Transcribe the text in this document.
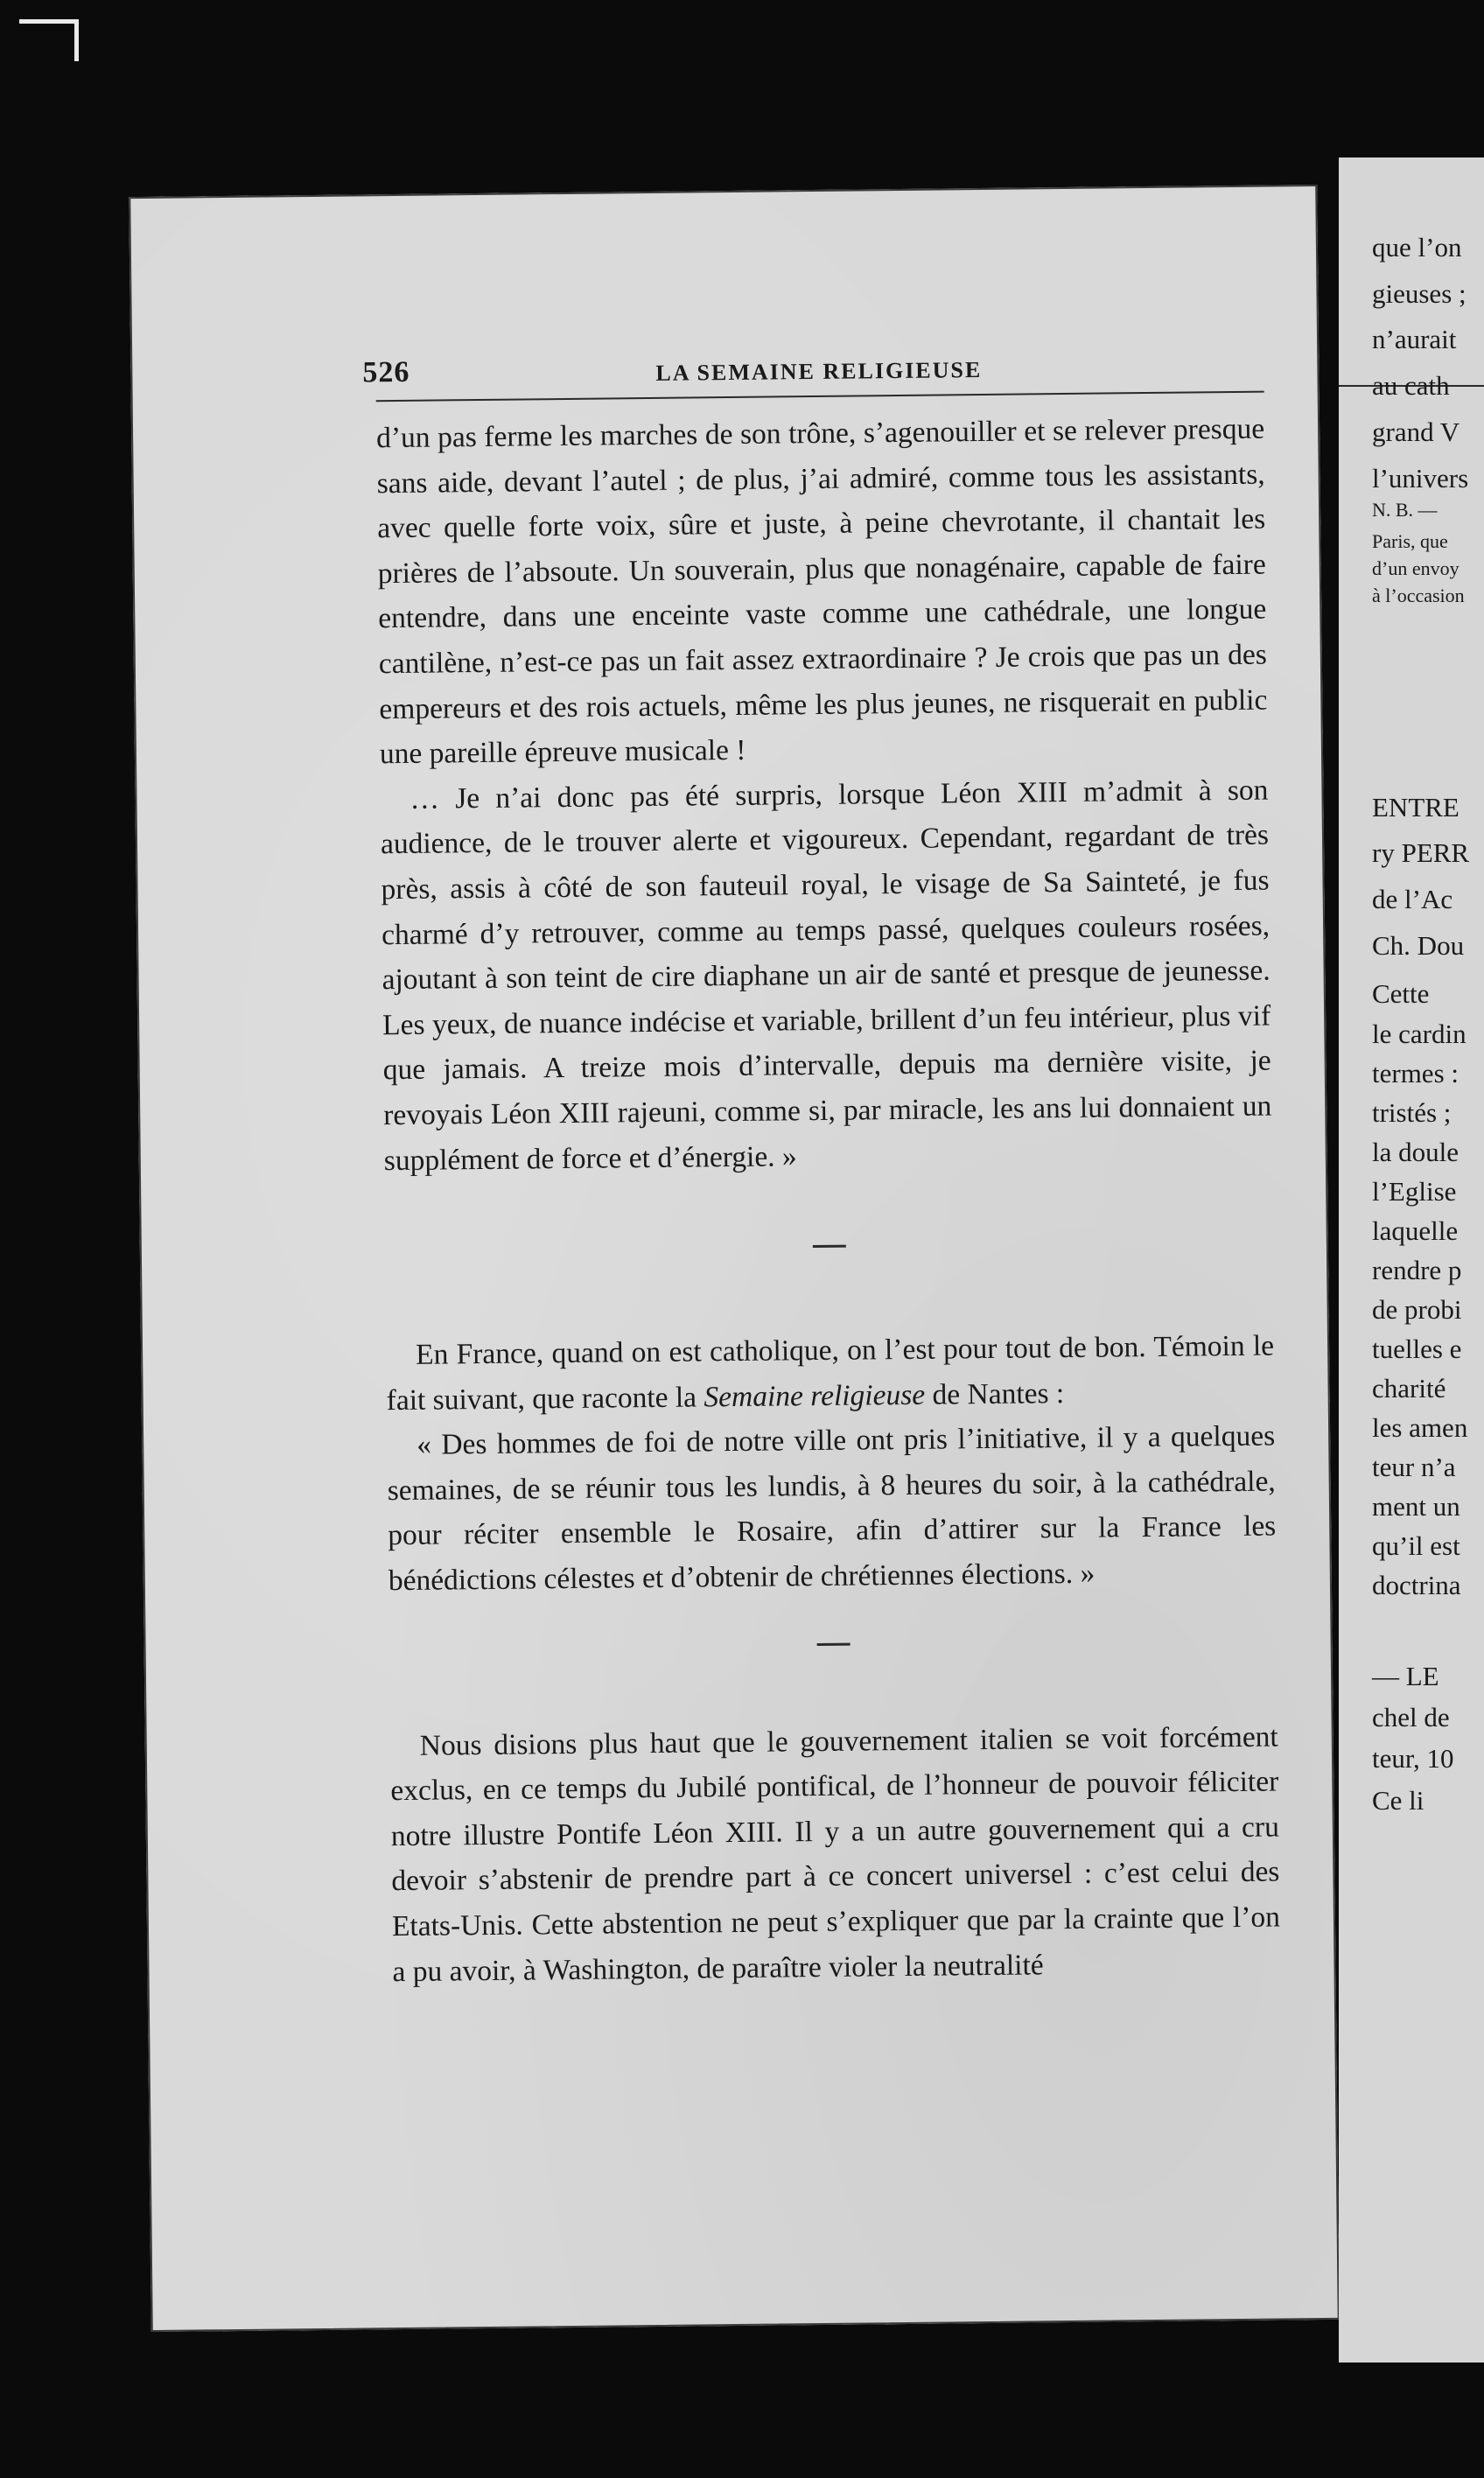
526	LA SEMAINE RELIGIEUSE

d’un pas ferme les marches de son trône, s’agenouiller et se relever presque sans aide, devant l’autel ; de plus, j’ai admiré, comme tous les assistants, avec quelle forte voix, sûre et juste, à peine chevrotante, il chantait les prières de l’absoute. Un souverain, plus que nonagénaire, capable de faire entendre, dans une enceinte vaste comme une cathédrale, une longue cantilène, n’est-ce pas un fait assez extraordinaire ? Je crois que pas un des empereurs et des rois actuels, même les plus jeunes, ne risquerait en public une pareille épreuve musicale !

… Je n’ai donc pas été surpris, lorsque Léon XIII m’admit à son audience, de le trouver alerte et vigoureux. Cependant, regardant de très près, assis à côté de son fauteuil royal, le visage de Sa Sainteté, je fus charmé d’y retrouver, comme au temps passé, quelques couleurs rosées, ajoutant à son teint de cire diaphane un air de santé et presque de jeunesse. Les yeux, de nuance indécise et variable, brillent d’un feu intérieur, plus vif que jamais. A treize mois d’intervalle, depuis ma dernière visite, je revoyais Léon XIII rajeuni, comme si, par miracle, les ans lui donnaient un supplément de force et d’énergie. »

En France, quand on est catholique, on l’est pour tout de bon. Témoin le fait suivant, que raconte la Semaine religieuse de Nantes :

« Des hommes de foi de notre ville ont pris l’initiative, il y a quelques semaines, de se réunir tous les lundis, à 8 heures du soir, à la cathédrale, pour réciter ensemble le Rosaire, afin d’attirer sur la France les bénédictions célestes et d’obtenir de chrétiennes élections. »

Nous disions plus haut que le gouvernement italien se voit forcément exclus, en ce temps du Jubilé pontifical, de l’honneur de pouvoir féliciter notre illustre Pontife Léon XIII. Il y a un autre gouvernement qui a cru devoir s’abstenir de prendre part à ce concert universel : c’est celui des Etats-Unis. Cette abstention ne peut s’expliquer que par la crainte que l’on a pu avoir, à Washington, de paraître violer la neutralité

que l’on
gieuses ;
n’aurait
au cath
grand V
l’univers
N. B. —
Paris, que
d’un envoy
à l’occasion
ENTRE
ry PERR
de l’Ac
Ch. Dou
Cette
le cardin
termes :
tristés ;
la doule
l’Eglise
laquelle
rendre p
de probi
tuelles e
charité
les amen
teur n’a
ment un
qu’il est
doctrina
— LE
chel de
teur, 10
Ce li
